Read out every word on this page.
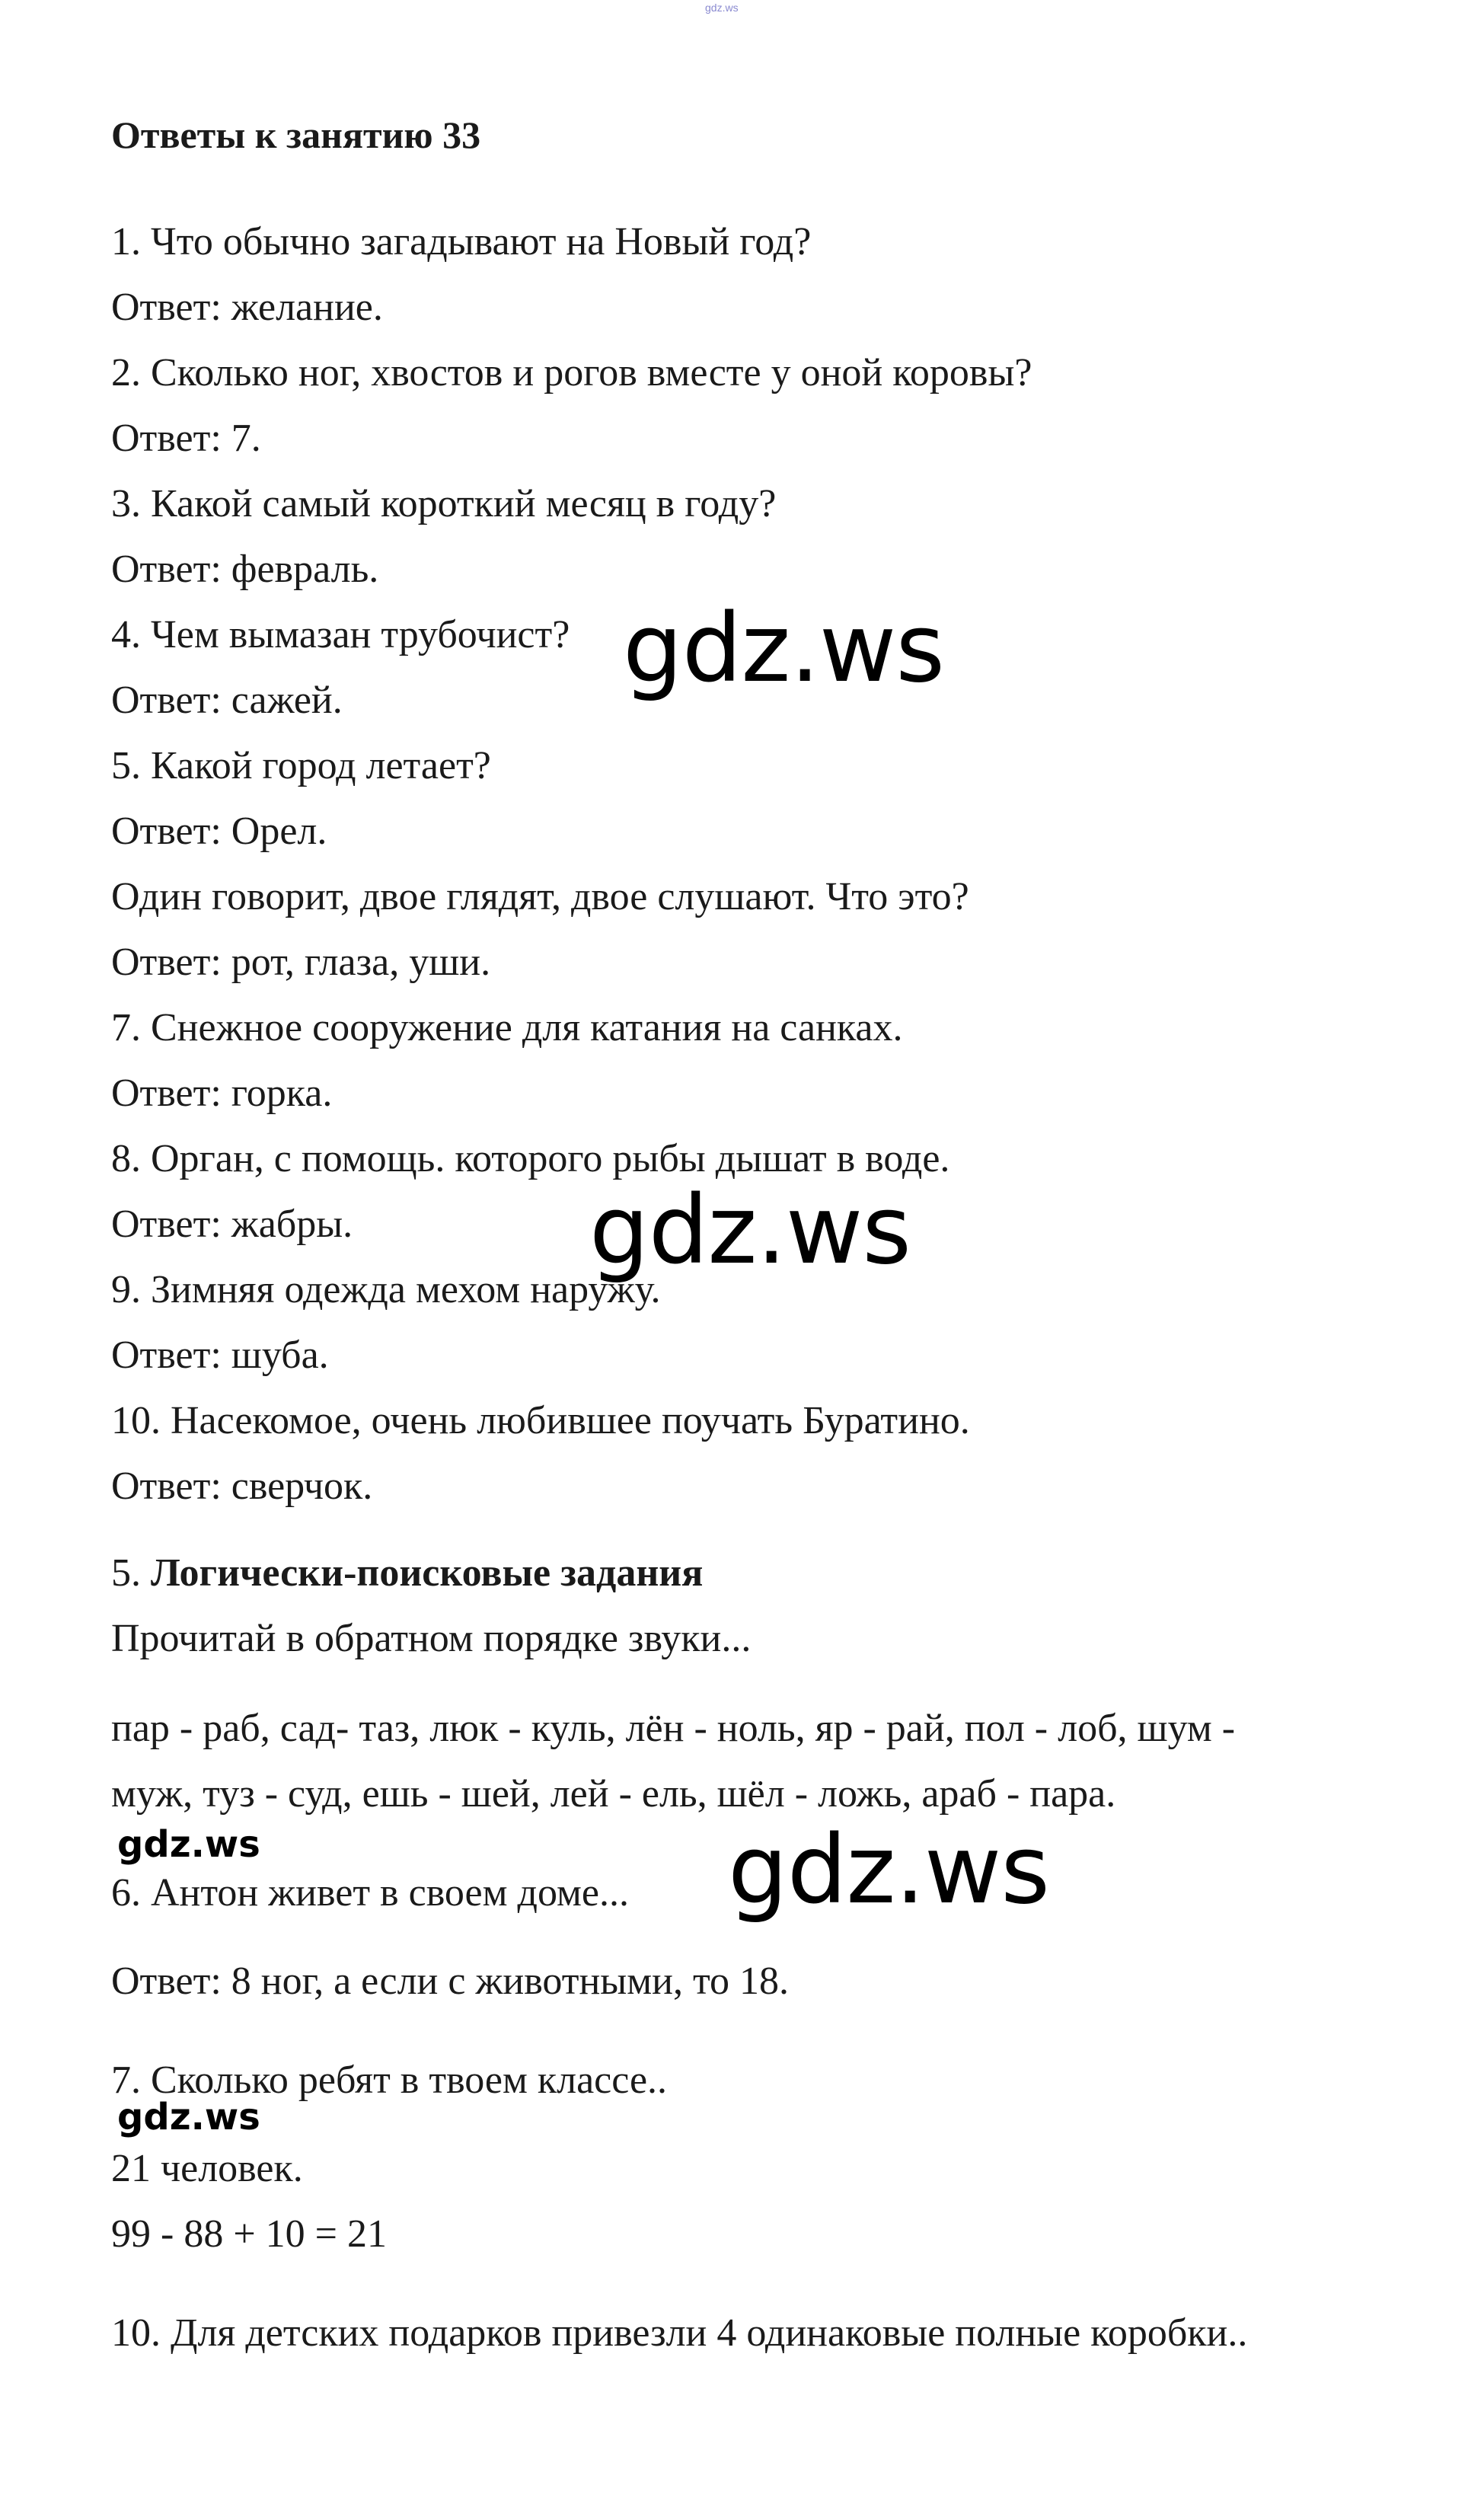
gdz.ws
Ответы к занятию 33
1. Что обычно загадывают на Новый год?
Ответ: желание.
2. Сколько ног, хвостов и рогов вместе у оной коровы?
Ответ: 7.
3. Какой самый короткий месяц в году?
Ответ: февраль.
4. Чем вымазан трубочист?
Ответ: сажей.
5. Какой город летает?
Ответ: Орел.
Один говорит, двое глядят, двое слушают. Что это?
Ответ: рот, глаза, уши.
7. Снежное сооружение для катания на санках.
Ответ: горка.
8. Орган, с помощь. которого рыбы дышат в воде.
Ответ: жабры.
9. Зимняя одежда мехом наружу.
Ответ: шуба.
10. Насекомое, очень любившее поучать Буратино.
Ответ: сверчок.
5. Логически-поисковые задания
Прочитай в обратном порядке звуки...
пар - раб, сад- таз, люк - куль, лён - ноль, яр - рай, пол - лоб, шум -
муж, туз - суд, ешь - шей, лей - ель, шёл - ложь, араб - пара.
6. Антон живет в своем доме...
Ответ: 8 ног, а если с животными, то 18.
7. Сколько ребят в твоем классе..
21 человек.
99 - 88 + 10 = 21
10. Для детских подарков привезли 4 одинаковые полные коробки..
gdz.ws
gdz.ws
gdz.ws
gdz.ws
gdz.ws
